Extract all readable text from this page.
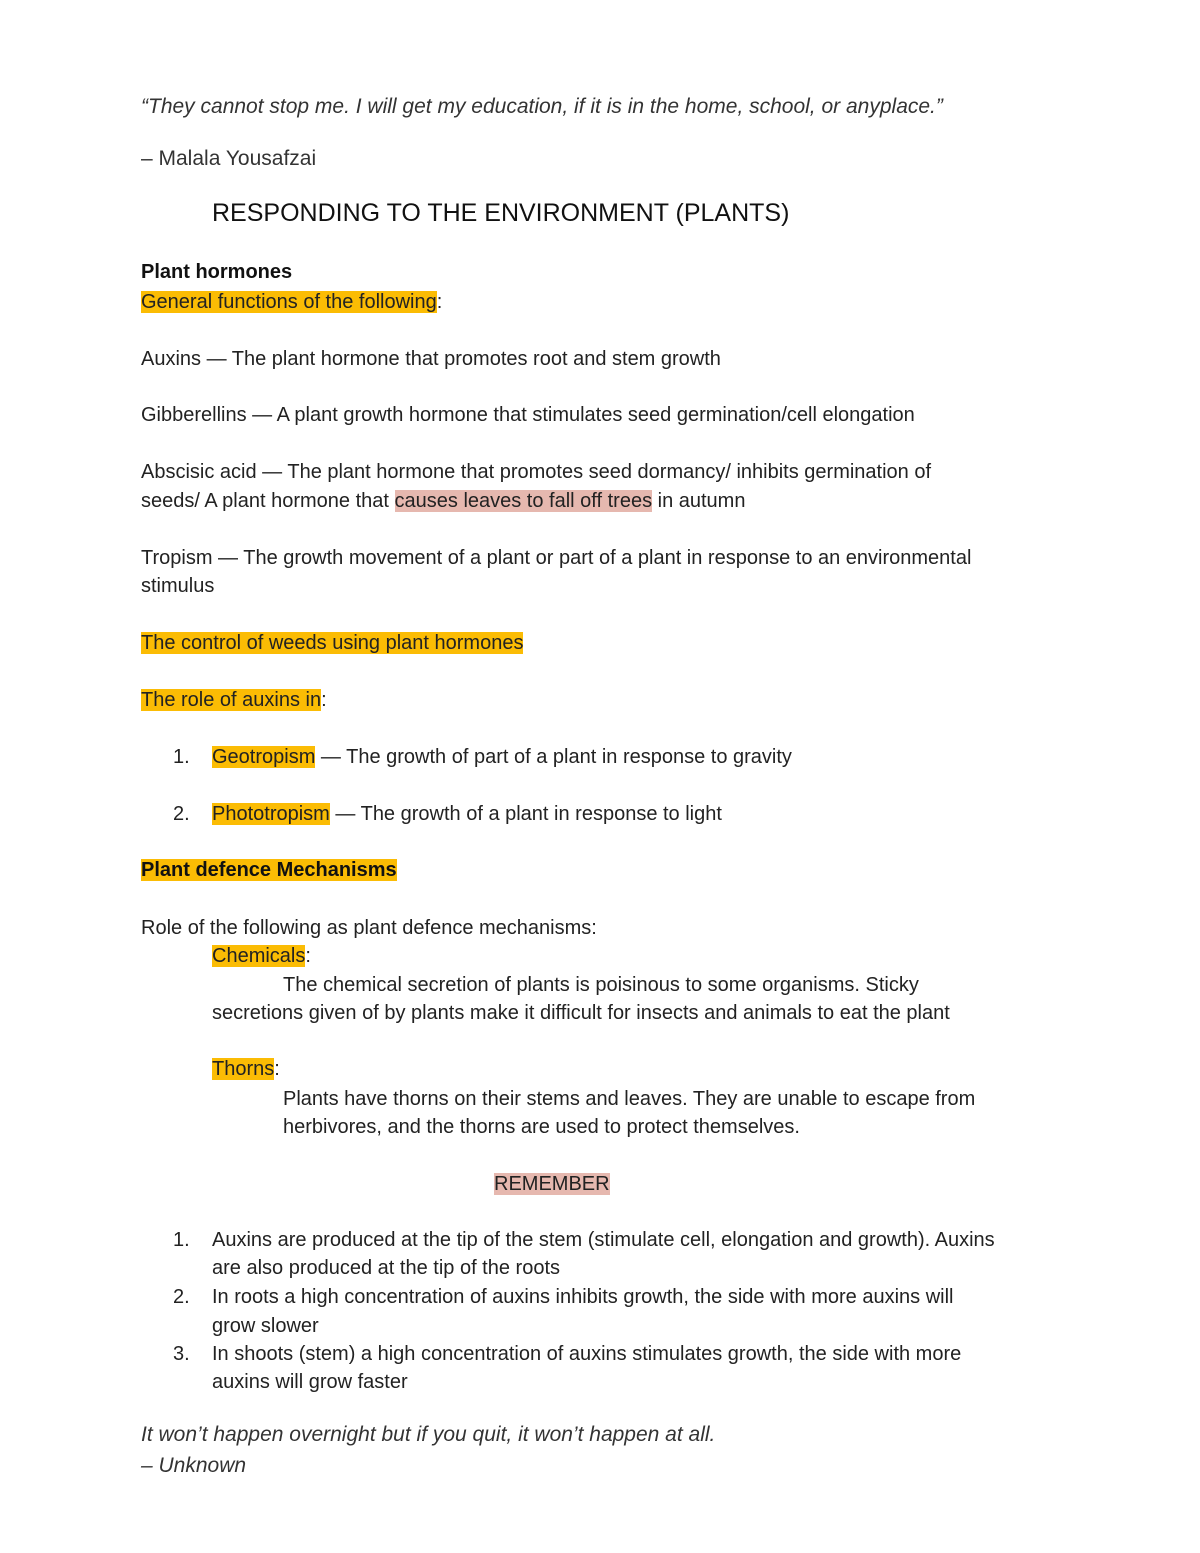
“They cannot stop me. I will get my education, if it is in the home, school, or anyplace.”
– Malala Yousafzai
RESPONDING TO THE ENVIRONMENT (PLANTS)
Plant hormones
General functions of the following:
Auxins — The plant hormone that promotes root and stem growth
Gibberellins — A plant growth hormone that stimulates seed germination/cell elongation
Abscisic acid — The plant hormone that promotes seed dormancy/ inhibits germination of
seeds/ A plant hormone that causes leaves to fall off trees in autumn
Tropism — The growth movement of a plant or part of a plant in response to an environmental
stimulus
The control of weeds using plant hormones
The role of auxins in:
1. Geotropism — The growth of part of a plant in response to gravity
2. Phototropism — The growth of a plant in response to light
Plant defence Mechanisms
Role of the following as plant defence mechanisms:
Chemicals:
The chemical secretion of plants is poisinous to some organisms. Sticky
secretions given of by plants make it difficult for insects and animals to eat the plant
Thorns:
Plants have thorns on their stems and leaves. They are unable to escape from
herbivores, and the thorns are used to protect themselves.
REMEMBER
1. Auxins are produced at the tip of the stem (stimulate cell, elongation and growth). Auxins
are also produced at the tip of the roots
2. In roots a high concentration of auxins inhibits growth, the side with more auxins will
grow slower
3. In shoots (stem) a high concentration of auxins stimulates growth, the side with more
auxins will grow faster
It won’t happen overnight but if you quit, it won’t happen at all.
– Unknown
